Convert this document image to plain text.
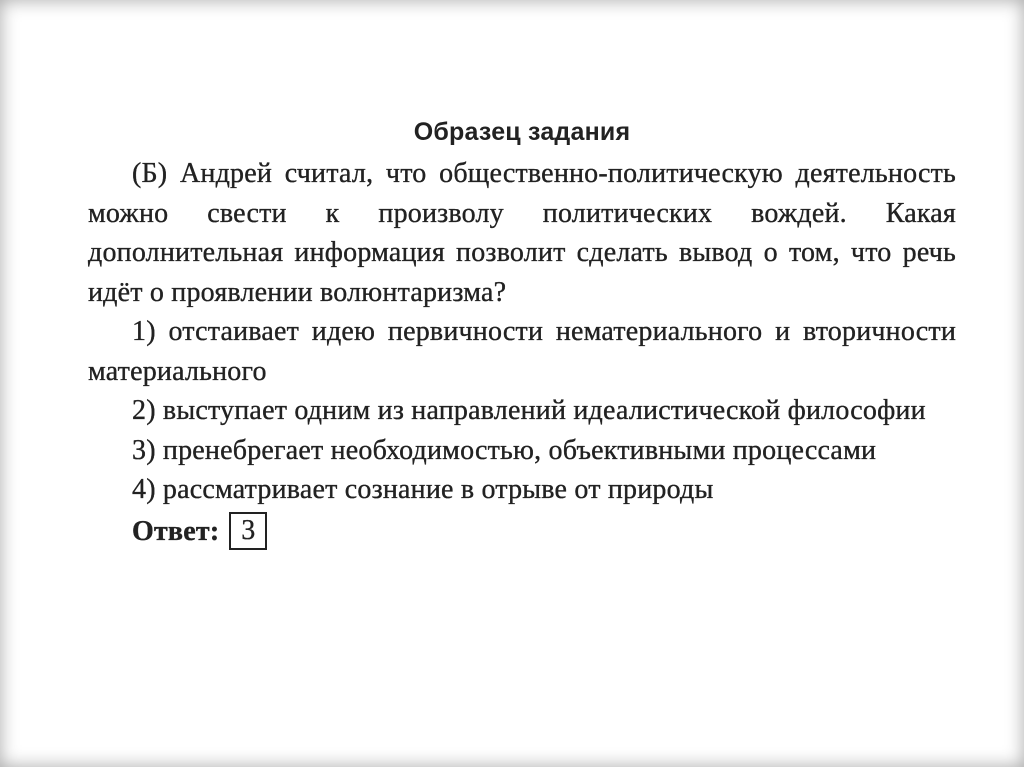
Образец задания

(Б) Андрей считал, что общественно-политическую деятельность можно свести к произволу политических вождей. Какая дополнительная информация позволит сделать вывод о том, что речь идёт о проявлении волюнтаризма?

1) отстаивает идею первичности нематериального и вторичности материального

2) выступает одним из направлений идеалистической философии

3) пренебрегает необходимостью, объективными процессами

4) рассматривает сознание в отрыве от природы

Ответ: 3
